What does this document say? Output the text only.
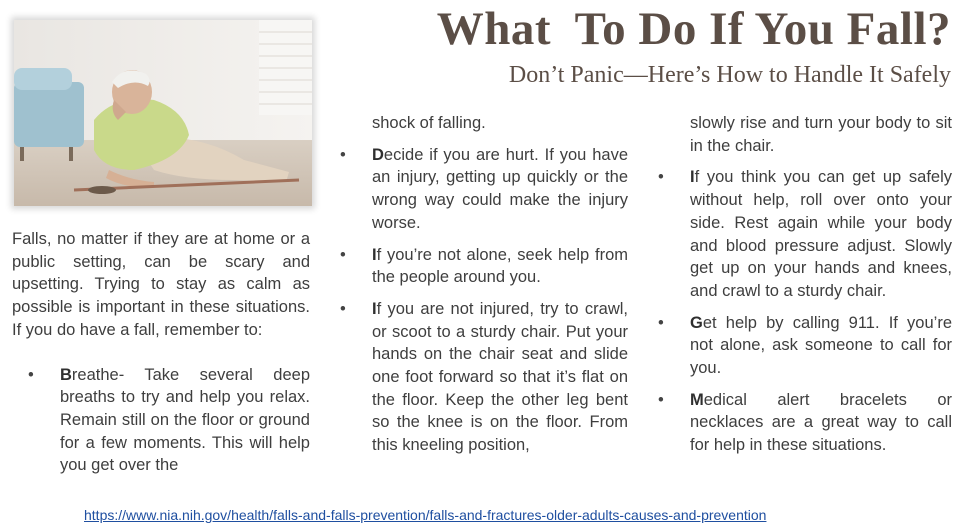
What  To Do If You Fall?
Don’t Panic—Here’s How to Handle It Safely

Falls, no matter if they are at home or a public setting, can be scary and upsetting. Trying to stay as calm as possible is important in these situations. If you do have a fall, remember to:

• Breathe- Take several deep breaths to try and help you relax. Remain still on the floor or ground for a few moments. This will help you get over the

shock of falling.

• Decide if you are hurt. If you have an injury, getting up quickly or the wrong way could make the injury worse.
• If you’re not alone, seek help from the people around you.
• If you are not injured, try to crawl, or scoot to a sturdy chair. Put your hands on the chair seat and slide one foot forward so that it’s flat on the floor. Keep the other leg bent so the knee is on the floor. From this kneeling position,

slowly rise and turn your body to sit in the chair.

• If you think you can get up safely without help, roll over onto your side. Rest again while your body and blood pressure adjust. Slowly get up on your hands and knees, and crawl to a sturdy chair.
• Get help by calling 911. If you’re not alone, ask someone to call for you.
• Medical alert bracelets or necklaces are a great way to call for help in these situations.
https://www.nia.nih.gov/health/falls-and-falls-prevention/falls-and-fractures-older-adults-causes-and-prevention
